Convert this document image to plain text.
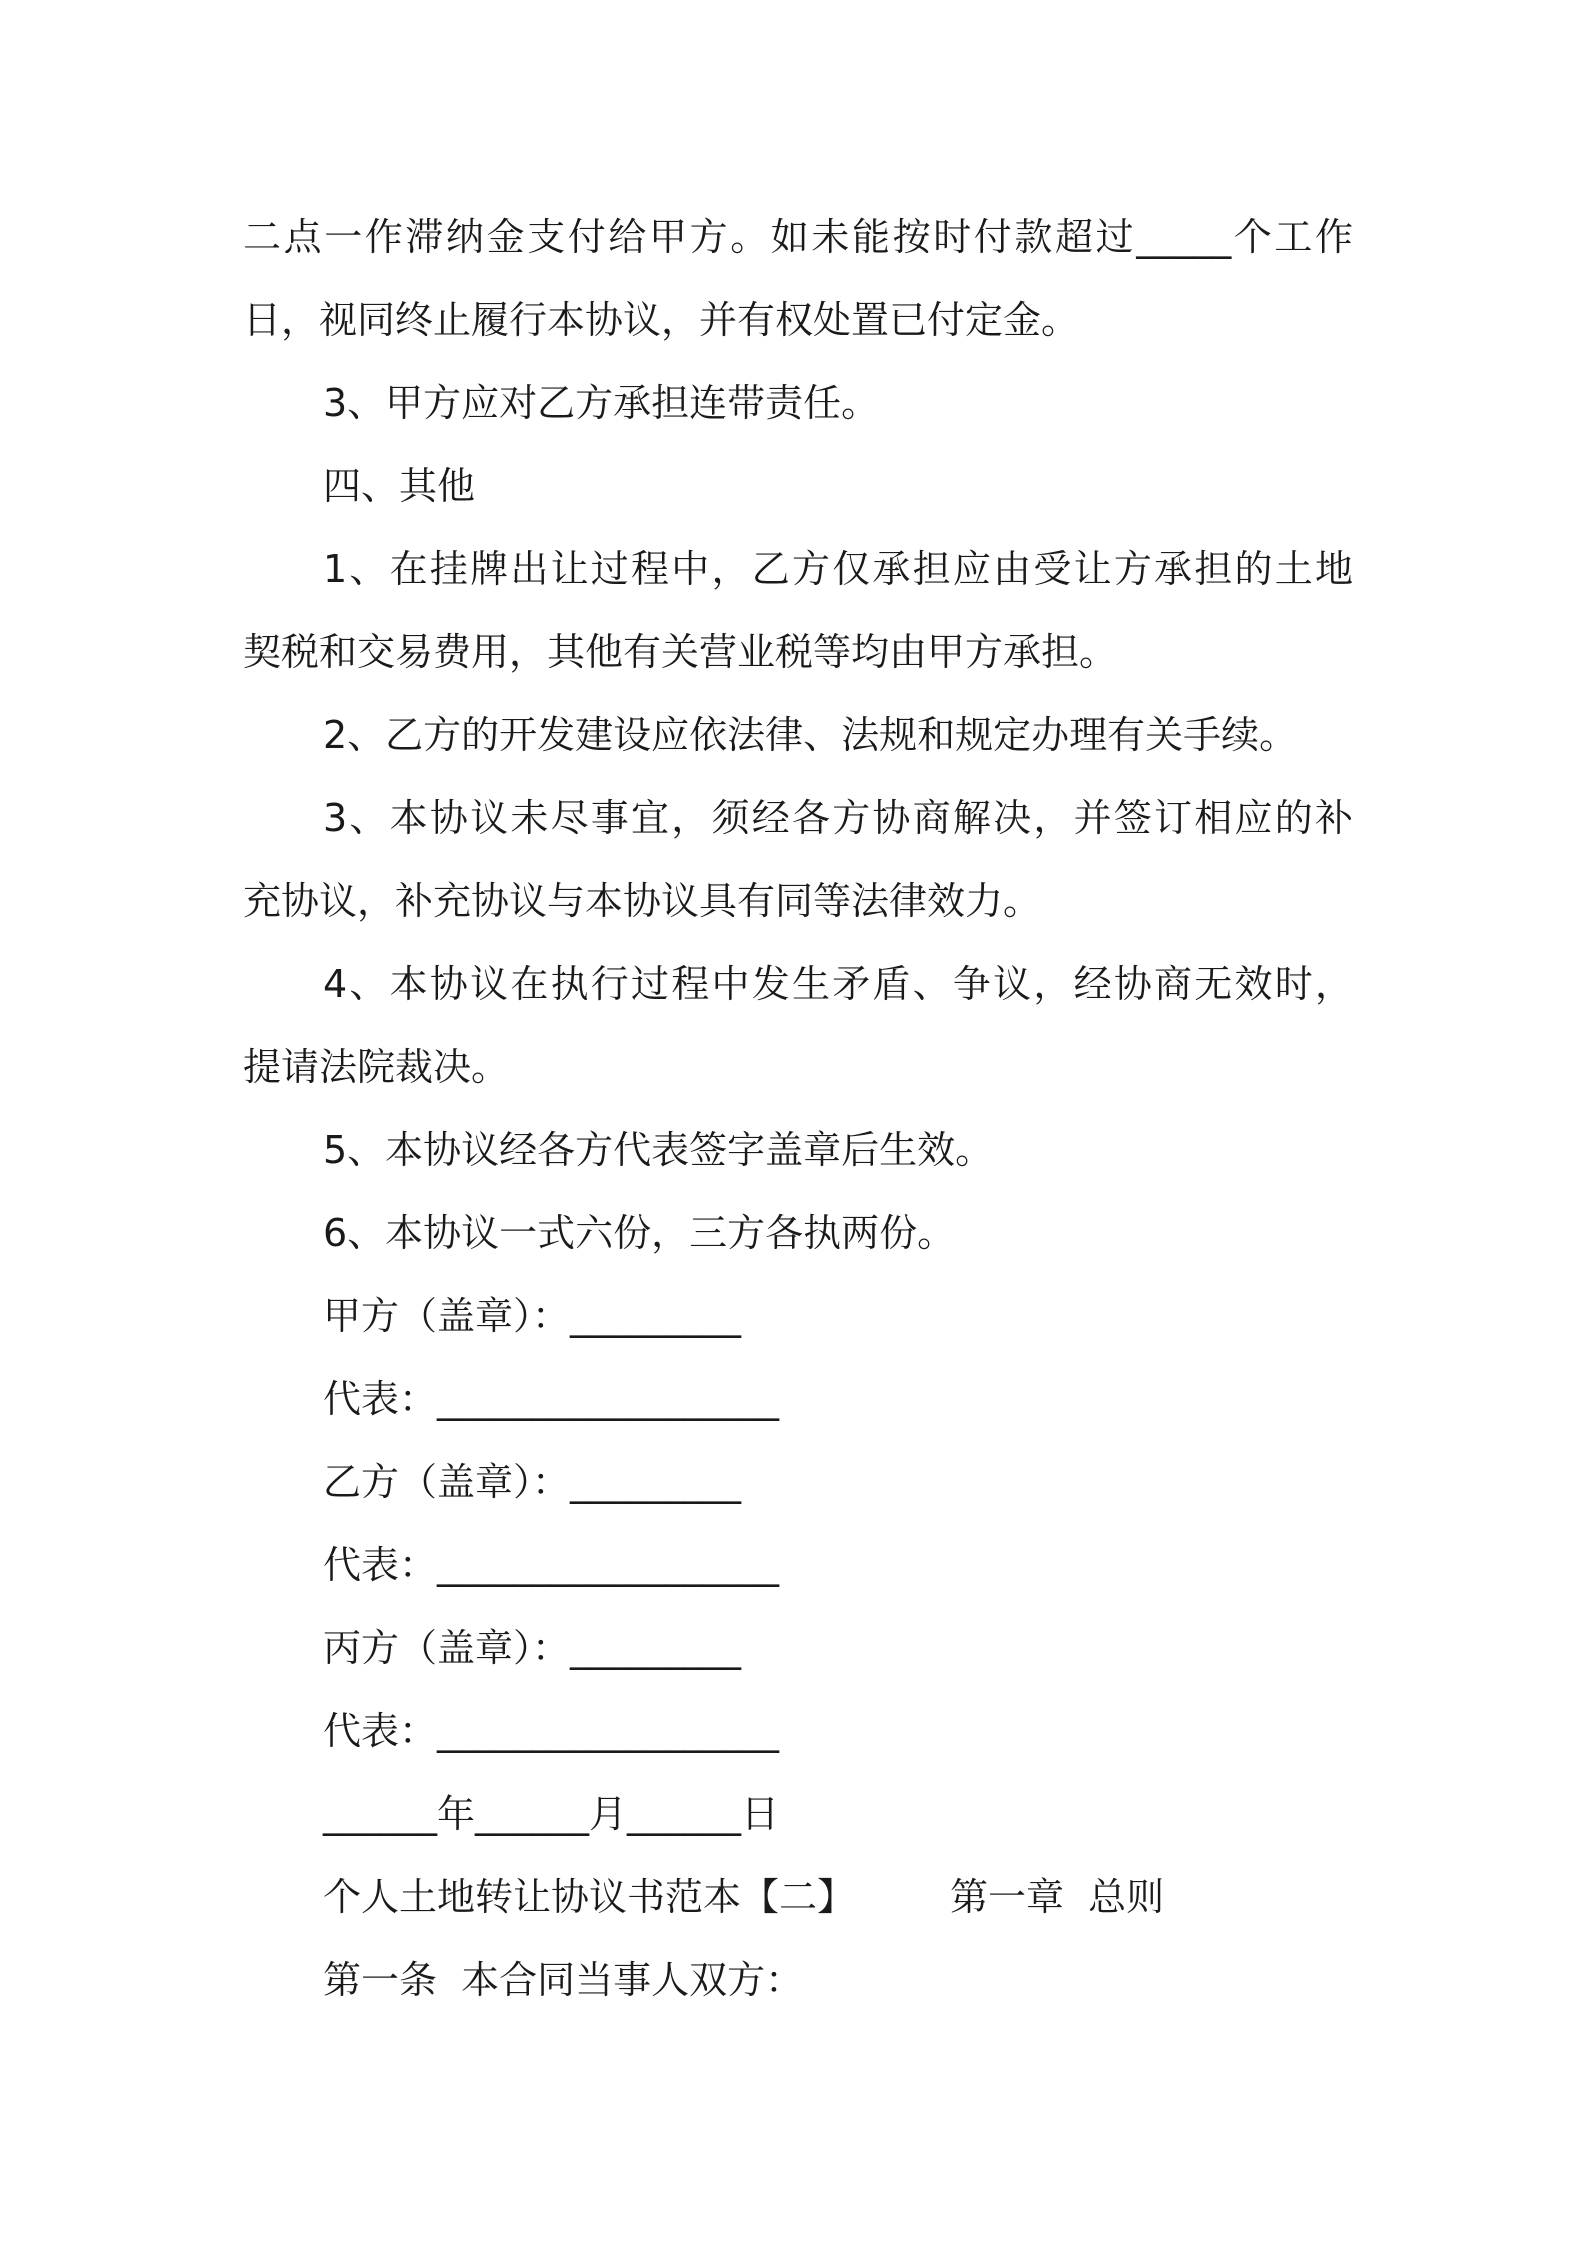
二点一作滞纳金支付给甲方。如未能按时付款超过_____个工作
日，视同终止履行本协议，并有权处置已付定金。
3、甲方应对乙方承担连带责任。
四、其他
1、在挂牌出让过程中，乙方仅承担应由受让方承担的土地
契税和交易费用，其他有关营业税等均由甲方承担。
2、乙方的开发建设应依法律、法规和规定办理有关手续。
3、本协议未尽事宜，须经各方协商解决，并签订相应的补
充协议，补充协议与本协议具有同等法律效力。
4、本协议在执行过程中发生矛盾、争议，经协商无效时，
提请法院裁决。
5、本协议经各方代表签字盖章后生效。
6、本协议一式六份，三方各执两份。
甲方（盖章）：_________
代表：__________________
乙方（盖章）：_________
代表：__________________
丙方（盖章）：_________
代表：__________________
______年______月______日
个人土地转让协议书范本【二】	第一章  总则
第一条  本合同当事人双方：
